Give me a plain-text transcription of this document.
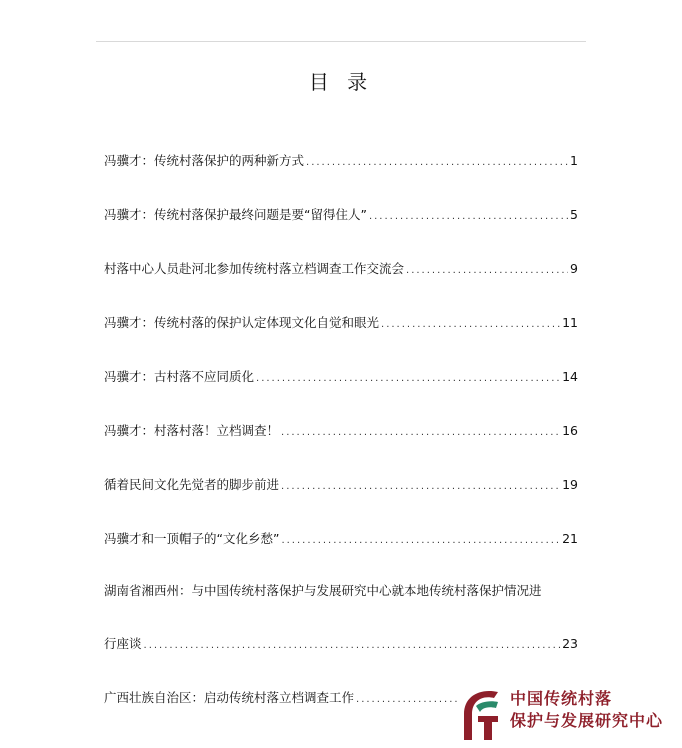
目 录
冯骥才：传统村落保护的两种新方式 .....	1
冯骥才：传统村落保护最终问题是要“留得住人” .....	5
村落中心人员赴河北参加传统村落立档调查工作交流会 .....	9
冯骥才：传统村落的保护认定体现文化自觉和眼光 .....	11
冯骥才：古村落不应同质化 .....	14
冯骥才：村落村落！立档调查！ .....	16
循着民间文化先觉者的脚步前进 .....	19
冯骥才和一顶帽子的“文化乡愁” .....	21
湖南省湘西州：与中国传统村落保护与发展研究中心就本地传统村落保护情况进
行座谈 .....	23
广西壮族自治区：启动传统村落立档调查工作 .....	中国传统村落
保护与发展研究中心
